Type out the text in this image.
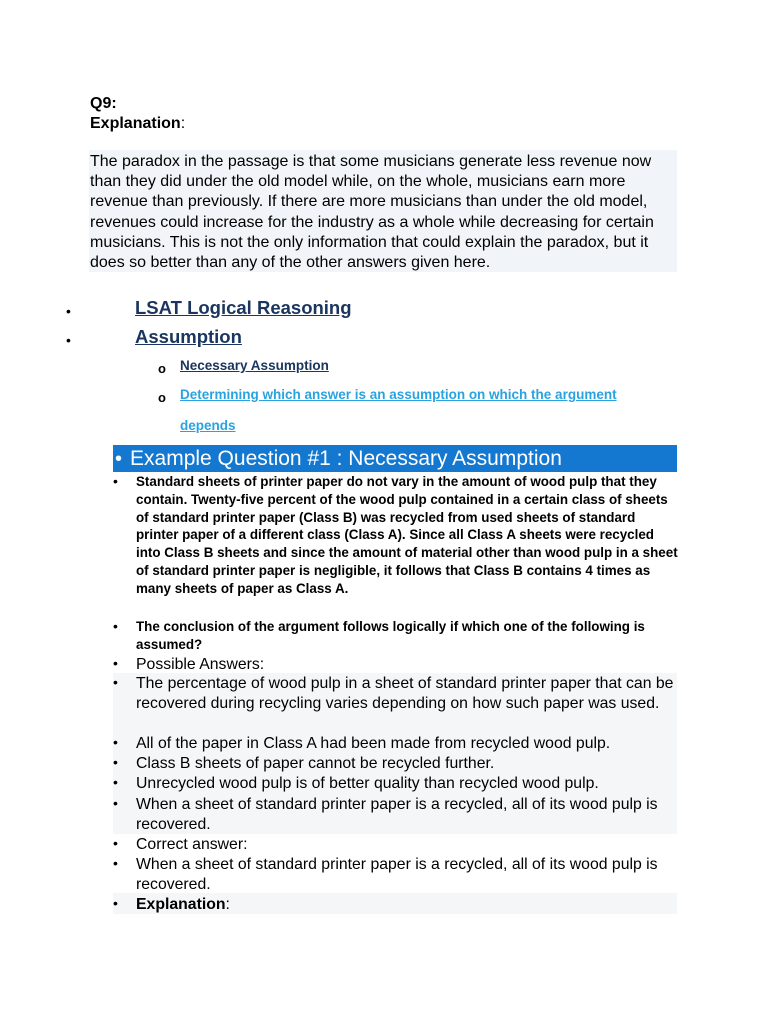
Q9:
Explanation:
The paradox in the passage is that some musicians generate less revenue now than they did under the old model while, on the whole, musicians earn more revenue than previously. If there are more musicians than under the old model, revenues could increase for the industry as a whole while decreasing for certain musicians. This is not the only information that could explain the paradox, but it does so better than any of the other answers given here.
•	LSAT Logical Reasoning
•	Assumption
o Necessary Assumption
o Determining which answer is an assumption on which the argument
depends
• Example Question #1 : Necessary Assumption
•	Standard sheets of printer paper do not vary in the amount of wood pulp that they contain. Twenty-five percent of the wood pulp contained in a certain class of sheets of standard printer paper (Class B) was recycled from used sheets of standard printer paper of a different class (Class A). Since all Class A sheets were recycled into Class B sheets and since the amount of material other than wood pulp in a sheet of standard printer paper is negligible, it follows that Class B contains 4 times as many sheets of paper as Class A.
•	The conclusion of the argument follows logically if which one of the following is assumed?
•	Possible Answers:
•	The percentage of wood pulp in a sheet of standard printer paper that can be recovered during recycling varies depending on how such paper was used.
•	All of the paper in Class A had been made from recycled wood pulp.
•	Class B sheets of paper cannot be recycled further.
•	Unrecycled wood pulp is of better quality than recycled wood pulp.
•	When a sheet of standard printer paper is a recycled, all of its wood pulp is recovered.
•	Correct answer:
•	When a sheet of standard printer paper is a recycled, all of its wood pulp is recovered.
•	Explanation:
